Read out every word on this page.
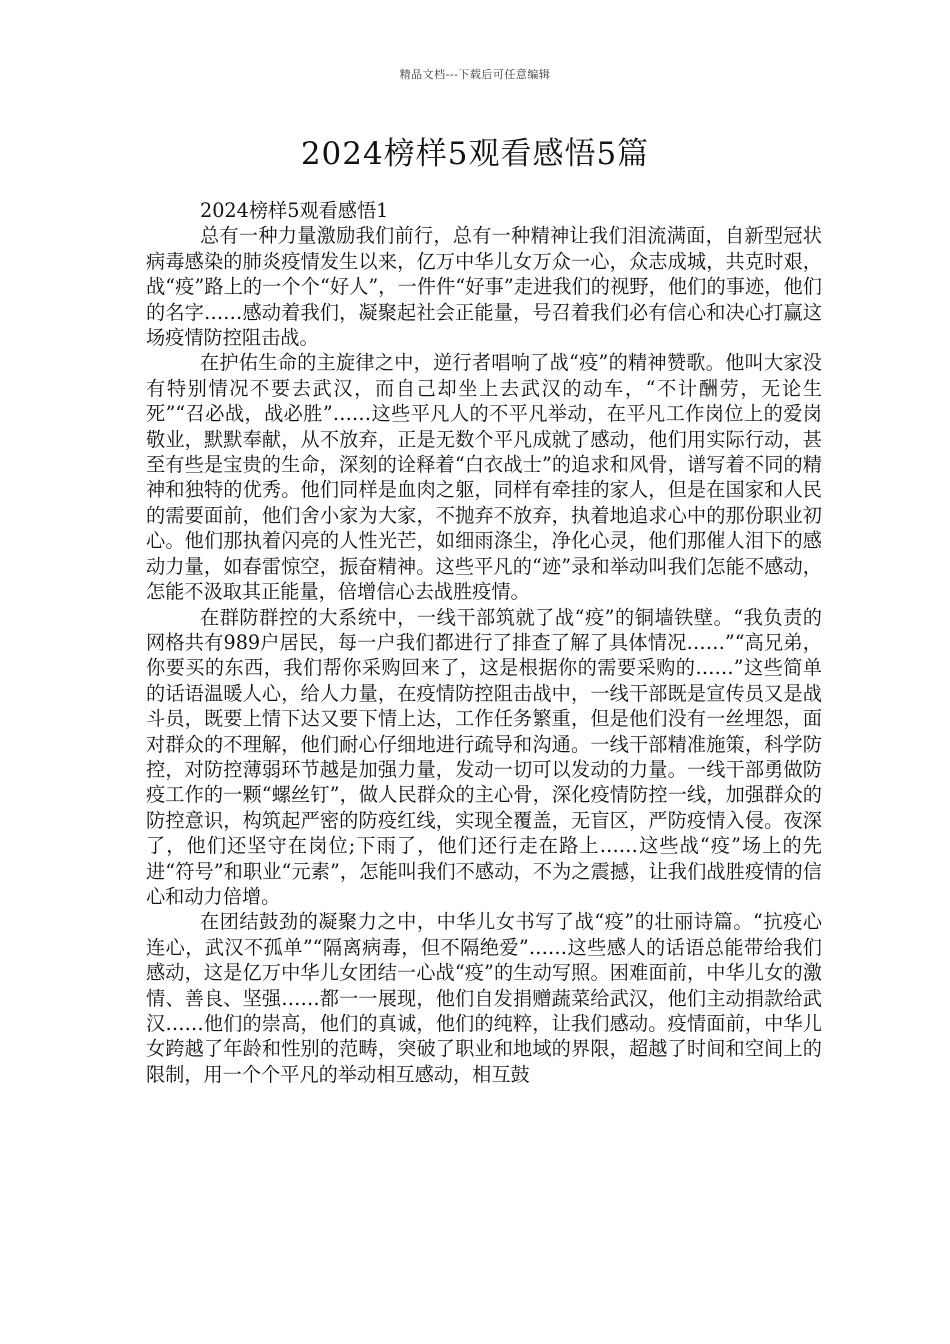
精品文档---下载后可任意编辑
2024榜样5观看感悟5篇

2024榜样5观看感悟1

总有一种力量激励我们前行，总有一种精神让我们泪流满面，自新型冠状病毒感染的肺炎疫情发生以来，亿万中华儿女万众一心，众志成城，共克时艰，战“疫”路上的一个个“好人”，一件件“好事”走进我们的视野，他们的事迹，他们的名字……感动着我们，凝聚起社会正能量，号召着我们必有信心和决心打赢这场疫情防控阻击战。

在护佑生命的主旋律之中，逆行者唱响了战“疫”的精神赞歌。他叫大家没有特别情况不要去武汉，而自己却坐上去武汉的动车，“不计酬劳，无论生死”“召必战，战必胜”……这些平凡人的不平凡举动，在平凡工作岗位上的爱岗敬业，默默奉献，从不放弃，正是无数个平凡成就了感动，他们用实际行动，甚至有些是宝贵的生命，深刻的诠释着“白衣战士”的追求和风骨，谱写着不同的精神和独特的优秀。他们同样是血肉之躯，同样有牵挂的家人，但是在国家和人民的需要面前，他们舍小家为大家，不抛弃不放弃，执着地追求心中的那份职业初心。他们那执着闪亮的人性光芒，如细雨涤尘，净化心灵，他们那催人泪下的感动力量，如春雷惊空，振奋精神。这些平凡的“迹”录和举动叫我们怎能不感动，怎能不汲取其正能量，倍增信心去战胜疫情。

在群防群控的大系统中，一线干部筑就了战“疫”的铜墙铁壁。“我负责的网格共有989户居民，每一户我们都进行了排查了解了具体情况……”“高兄弟，你要买的东西，我们帮你采购回来了，这是根据你的需要采购的……”这些简单的话语温暖人心，给人力量，在疫情防控阻击战中，一线干部既是宣传员又是战斗员，既要上情下达又要下情上达，工作任务繁重，但是他们没有一丝埋怨，面对群众的不理解，他们耐心仔细地进行疏导和沟通。一线干部精准施策，科学防控，对防控薄弱环节越是加强力量，发动一切可以发动的力量。一线干部勇做防疫工作的一颗“螺丝钉”，做人民群众的主心骨，深化疫情防控一线，加强群众的防控意识，构筑起严密的防疫红线，实现全覆盖，无盲区，严防疫情入侵。夜深了，他们还坚守在岗位;下雨了，他们还行走在路上……这些战“疫”场上的先进“符号”和职业“元素”，怎能叫我们不感动，不为之震撼，让我们战胜疫情的信心和动力倍增。

在团结鼓劲的凝聚力之中，中华儿女书写了战“疫”的壮丽诗篇。“抗疫心连心，武汉不孤单”“隔离病毒，但不隔绝爱”……这些感人的话语总能带给我们感动，这是亿万中华儿女团结一心战“疫”的生动写照。困难面前，中华儿女的激情、善良、坚强……都一一展现，他们自发捐赠蔬菜给武汉，他们主动捐款给武汉……他们的崇高，他们的真诚，他们的纯粹，让我们感动。疫情面前，中华儿女跨越了年龄和性别的范畴，突破了职业和地域的界限，超越了时间和空间上的限制，用一个个平凡的举动相互感动，相互鼓
